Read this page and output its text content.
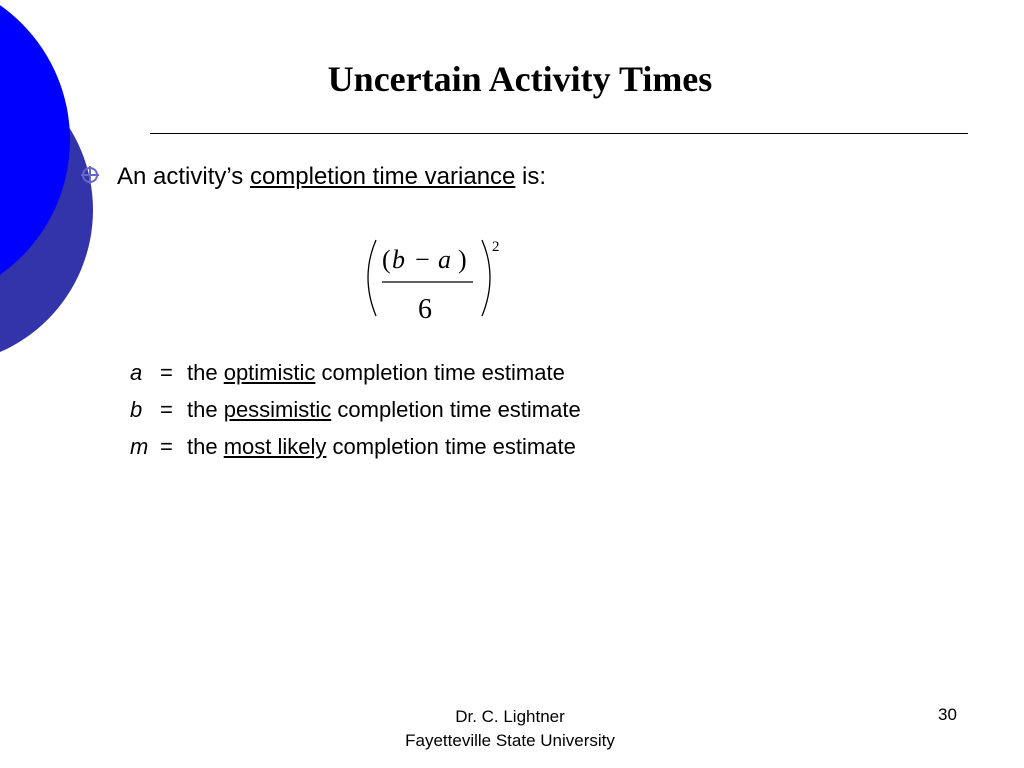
Uncertain Activity Times
An activity’s completion time variance is:
( b − a )
6
2
a = the optimistic completion time estimate
b = the pessimistic completion time estimate
m = the most likely completion time estimate
Dr. C. Lightner
Fayetteville State University
30
